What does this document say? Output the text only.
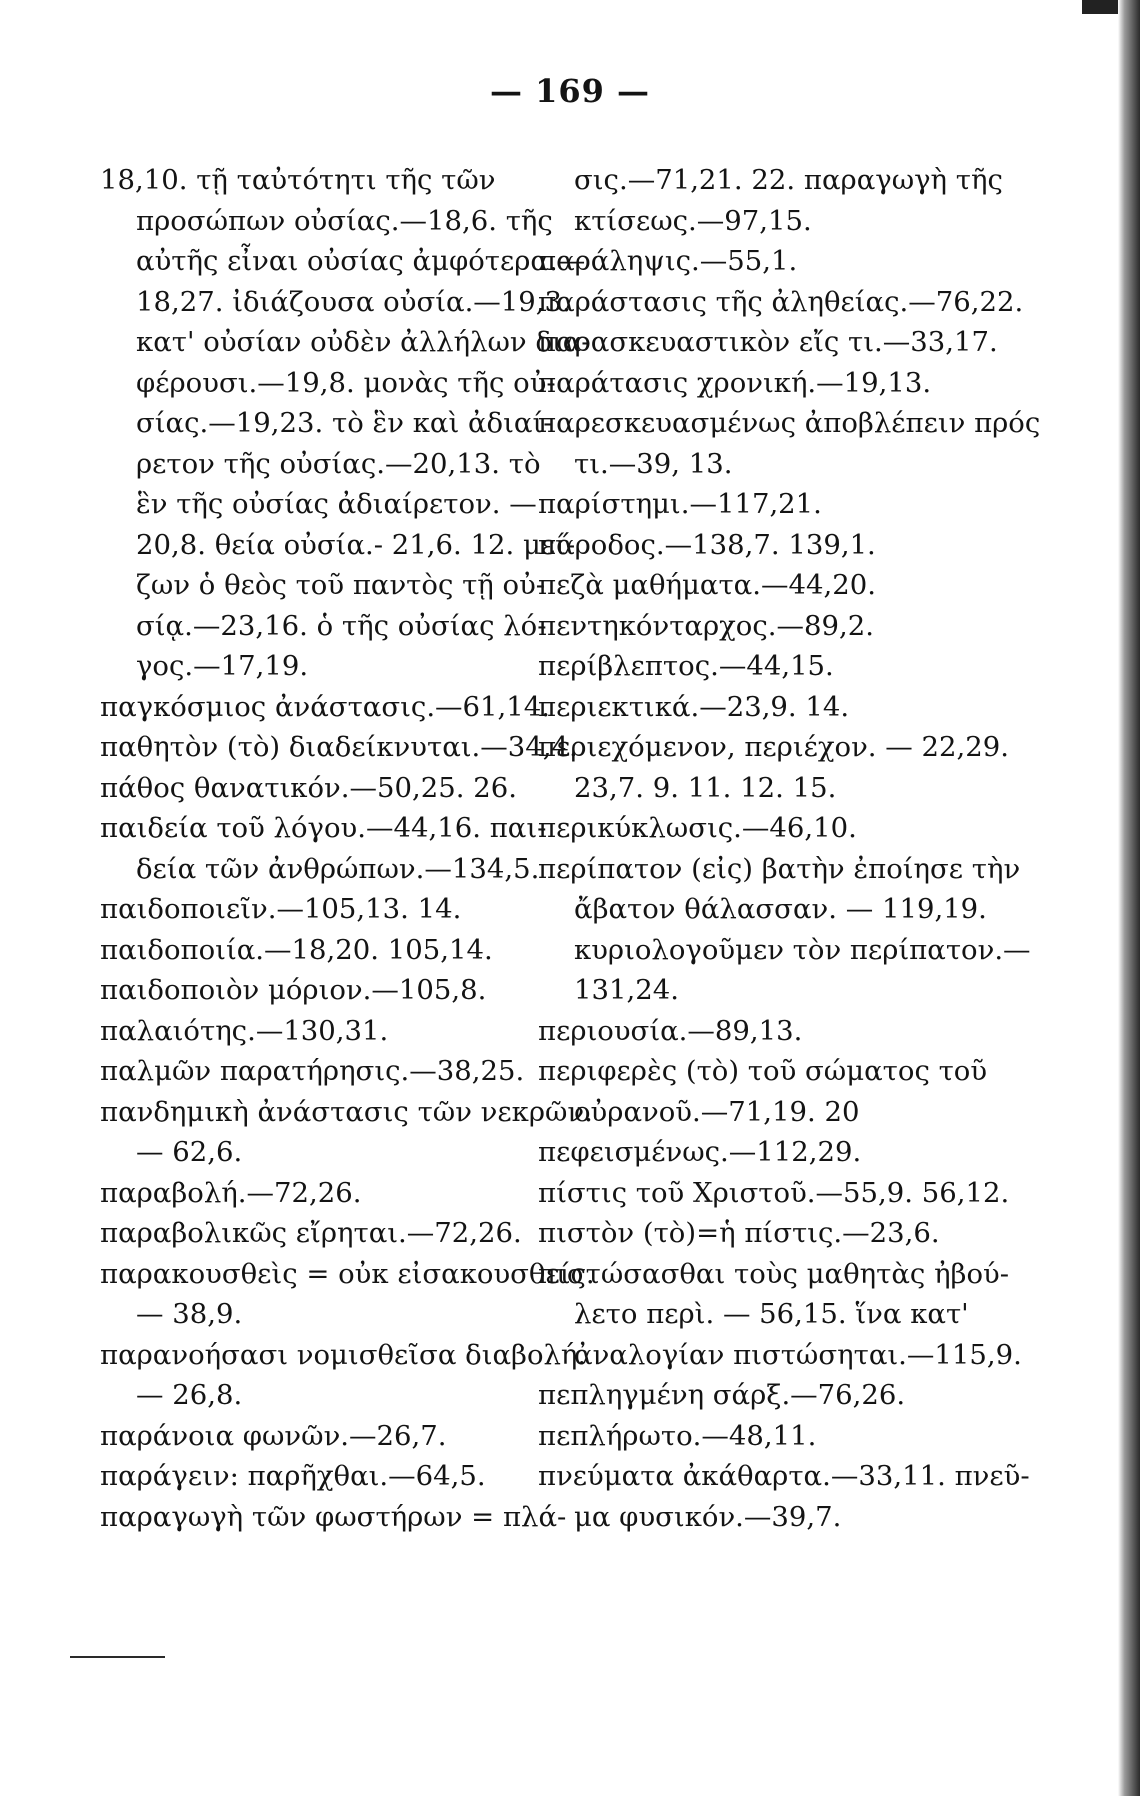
— 169 —
18,10. τῇ ταὐτότητι τῆς τῶν
προσώπων οὐσίας.—18,6. τῆς
αὐτῆς εἶναι οὐσίας ἀμφότερα.—
18,27. ἰδιάζουσα οὐσία.—19,3.
κατ' οὐσίαν οὐδὲν ἀλλήλων δια-
φέρουσι.—19,8. μονὰς τῆς οὐ-
σίας.—19,23. τὸ ἓν καὶ ἀδιαί-
ρετον τῆς οὐσίας.—20,13. τὸ
ἓν τῆς οὐσίας ἀδιαίρετον. —
20,8. θεία οὐσία.- 21,6. 12. μεί-
ζων ὁ θεὸς τοῦ παντὸς τῇ οὐ-
σίᾳ.—23,16. ὁ τῆς οὐσίας λό-
γος.—17,19.
παγκόσμιος ἀνάστασις.—61,14.
παθητὸν (τὸ) διαδείκνυται.—34,4.
πάθος θανατικόν.—50,25. 26.
παιδεία τοῦ λόγου.—44,16. παι-
δεία τῶν ἀνθρώπων.—134,5.
παιδοποιεῖν.—105,13. 14.
παιδοποιία.—18,20. 105,14.
παιδοποιὸν μόριον.—105,8.
παλαιότης.—130,31.
παλμῶν παρατήρησις.—38,25.
πανδημικὴ ἀνάστασις τῶν νεκρῶν.
— 62,6.
παραβολή.—72,26.
παραβολικῶς εἴρηται.—72,26.
παρακουσθεὶς = οὐκ εἰσακουσθείς.
— 38,9.
παρανοήσασι νομισθεῖσα διαβολή.
— 26,8.
παράνοια φωνῶν.—26,7.
παράγειν: παρῆχθαι.—64,5.
παραγωγὴ τῶν φωστήρων = πλά-
σις.—71,21. 22. παραγωγὴ τῆς
κτίσεως.—97,15.
παράληψις.—55,1.
παράστασις τῆς ἀληθείας.—76,22.
παρασκευαστικὸν εἴς τι.—33,17.
παράτασις χρονική.—19,13.
παρεσκευασμένως ἀποβλέπειν πρός
τι.—39, 13.
παρίστημι.—117,21.
πάροδος.—138,7. 139,1.
πεζὰ μαθήματα.—44,20.
πεντηκόνταρχος.—89,2.
περίβλεπτος.—44,15.
περιεκτικά.—23,9. 14.
περιεχόμενον, περιέχον. — 22,29.
23,7. 9. 11. 12. 15.
περικύκλωσις.—46,10.
περίπατον (εἰς) βατὴν ἐποίησε τὴν
ἄβατον θάλασσαν. — 119,19.
κυριολογοῦμεν τὸν περίπατον.—
131,24.
περιουσία.—89,13.
περιφερὲς (τὸ) τοῦ σώματος τοῦ
οὐρανοῦ.—71,19. 20
πεφεισμένως.—112,29.
πίστις τοῦ Χριστοῦ.—55,9. 56,12.
πιστὸν (τὸ)=ἡ πίστις.—23,6.
πιστώσασθαι τοὺς μαθητὰς ἠβού-
λετο περὶ. — 56,15. ἵνα κατ'
ἀναλογίαν πιστώσηται.—115,9.
πεπληγμένη σάρξ.—76,26.
πεπλήρωτο.—48,11.
πνεύματα ἀκάθαρτα.—33,11. πνεῦ-
μα φυσικόν.—39,7.
